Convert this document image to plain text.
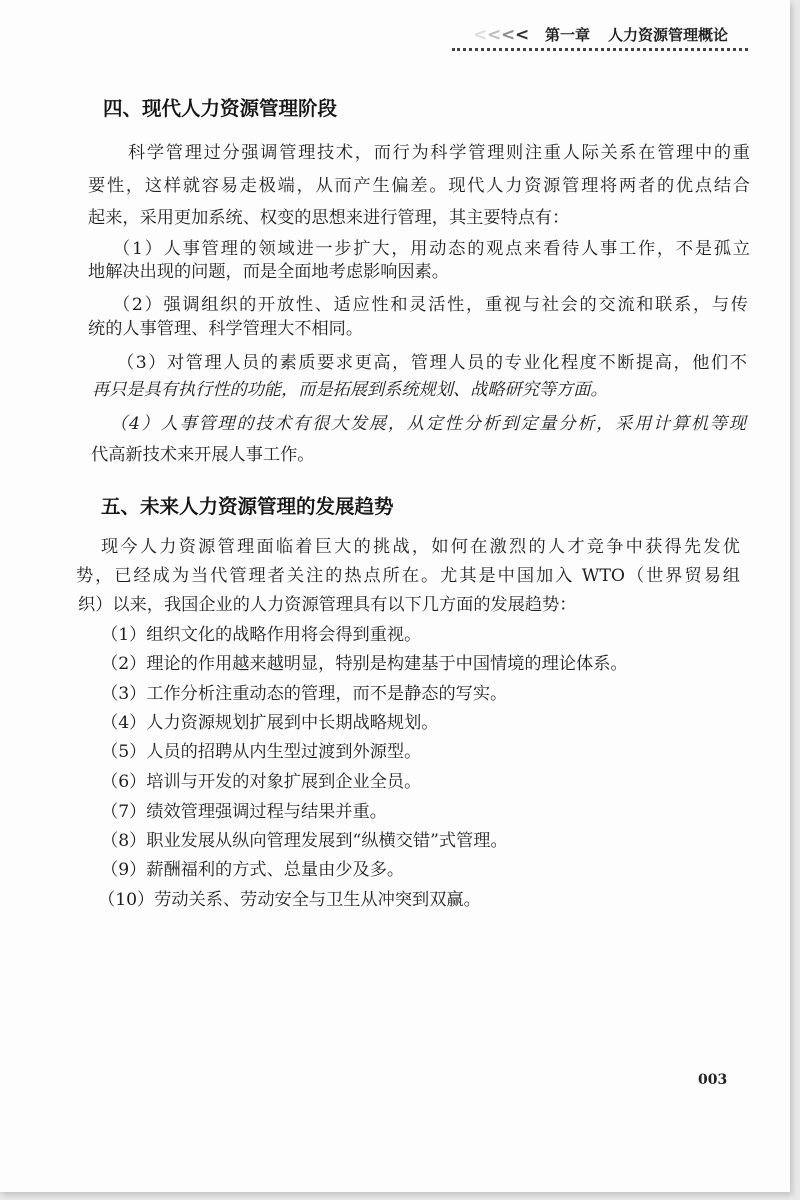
< < < < 第一章 人力资源管理概论
四、现代人力资源管理阶段
科学管理过分强调管理技术，而行为科学管理则注重人际关系在管理中的重
要性，这样就容易走极端，从而产生偏差。现代人力资源管理将两者的优点结合
起来，采用更加系统、权变的思想来进行管理，其主要特点有：
（1）人事管理的领域进一步扩大，用动态的观点来看待人事工作，不是孤立
地解决出现的问题，而是全面地考虑影响因素。
（2）强调组织的开放性、适应性和灵活性，重视与社会的交流和联系，与传
统的人事管理、科学管理大不相同。
（3）对管理人员的素质要求更高，管理人员的专业化程度不断提高，他们不
再只是具有执行性的功能，而是拓展到系统规划、战略研究等方面。
（4）人事管理的技术有很大发展，从定性分析到定量分析，采用计算机等现
代高新技术来开展人事工作。
五、未来人力资源管理的发展趋势
现今人力资源管理面临着巨大的挑战，如何在激烈的人才竞争中获得先发优
势，已经成为当代管理者关注的热点所在。尤其是中国加入 WTO（世界贸易组
织）以来，我国企业的人力资源管理具有以下几方面的发展趋势：
（1）组织文化的战略作用将会得到重视。
（2）理论的作用越来越明显，特别是构建基于中国情境的理论体系。
（3）工作分析注重动态的管理，而不是静态的写实。
（4）人力资源规划扩展到中长期战略规划。
（5）人员的招聘从内生型过渡到外源型。
（6）培训与开发的对象扩展到企业全员。
（7）绩效管理强调过程与结果并重。
（8）职业发展从纵向管理发展到“纵横交错”式管理。
（9）薪酬福利的方式、总量由少及多。
（10）劳动关系、劳动安全与卫生从冲突到双赢。
003
